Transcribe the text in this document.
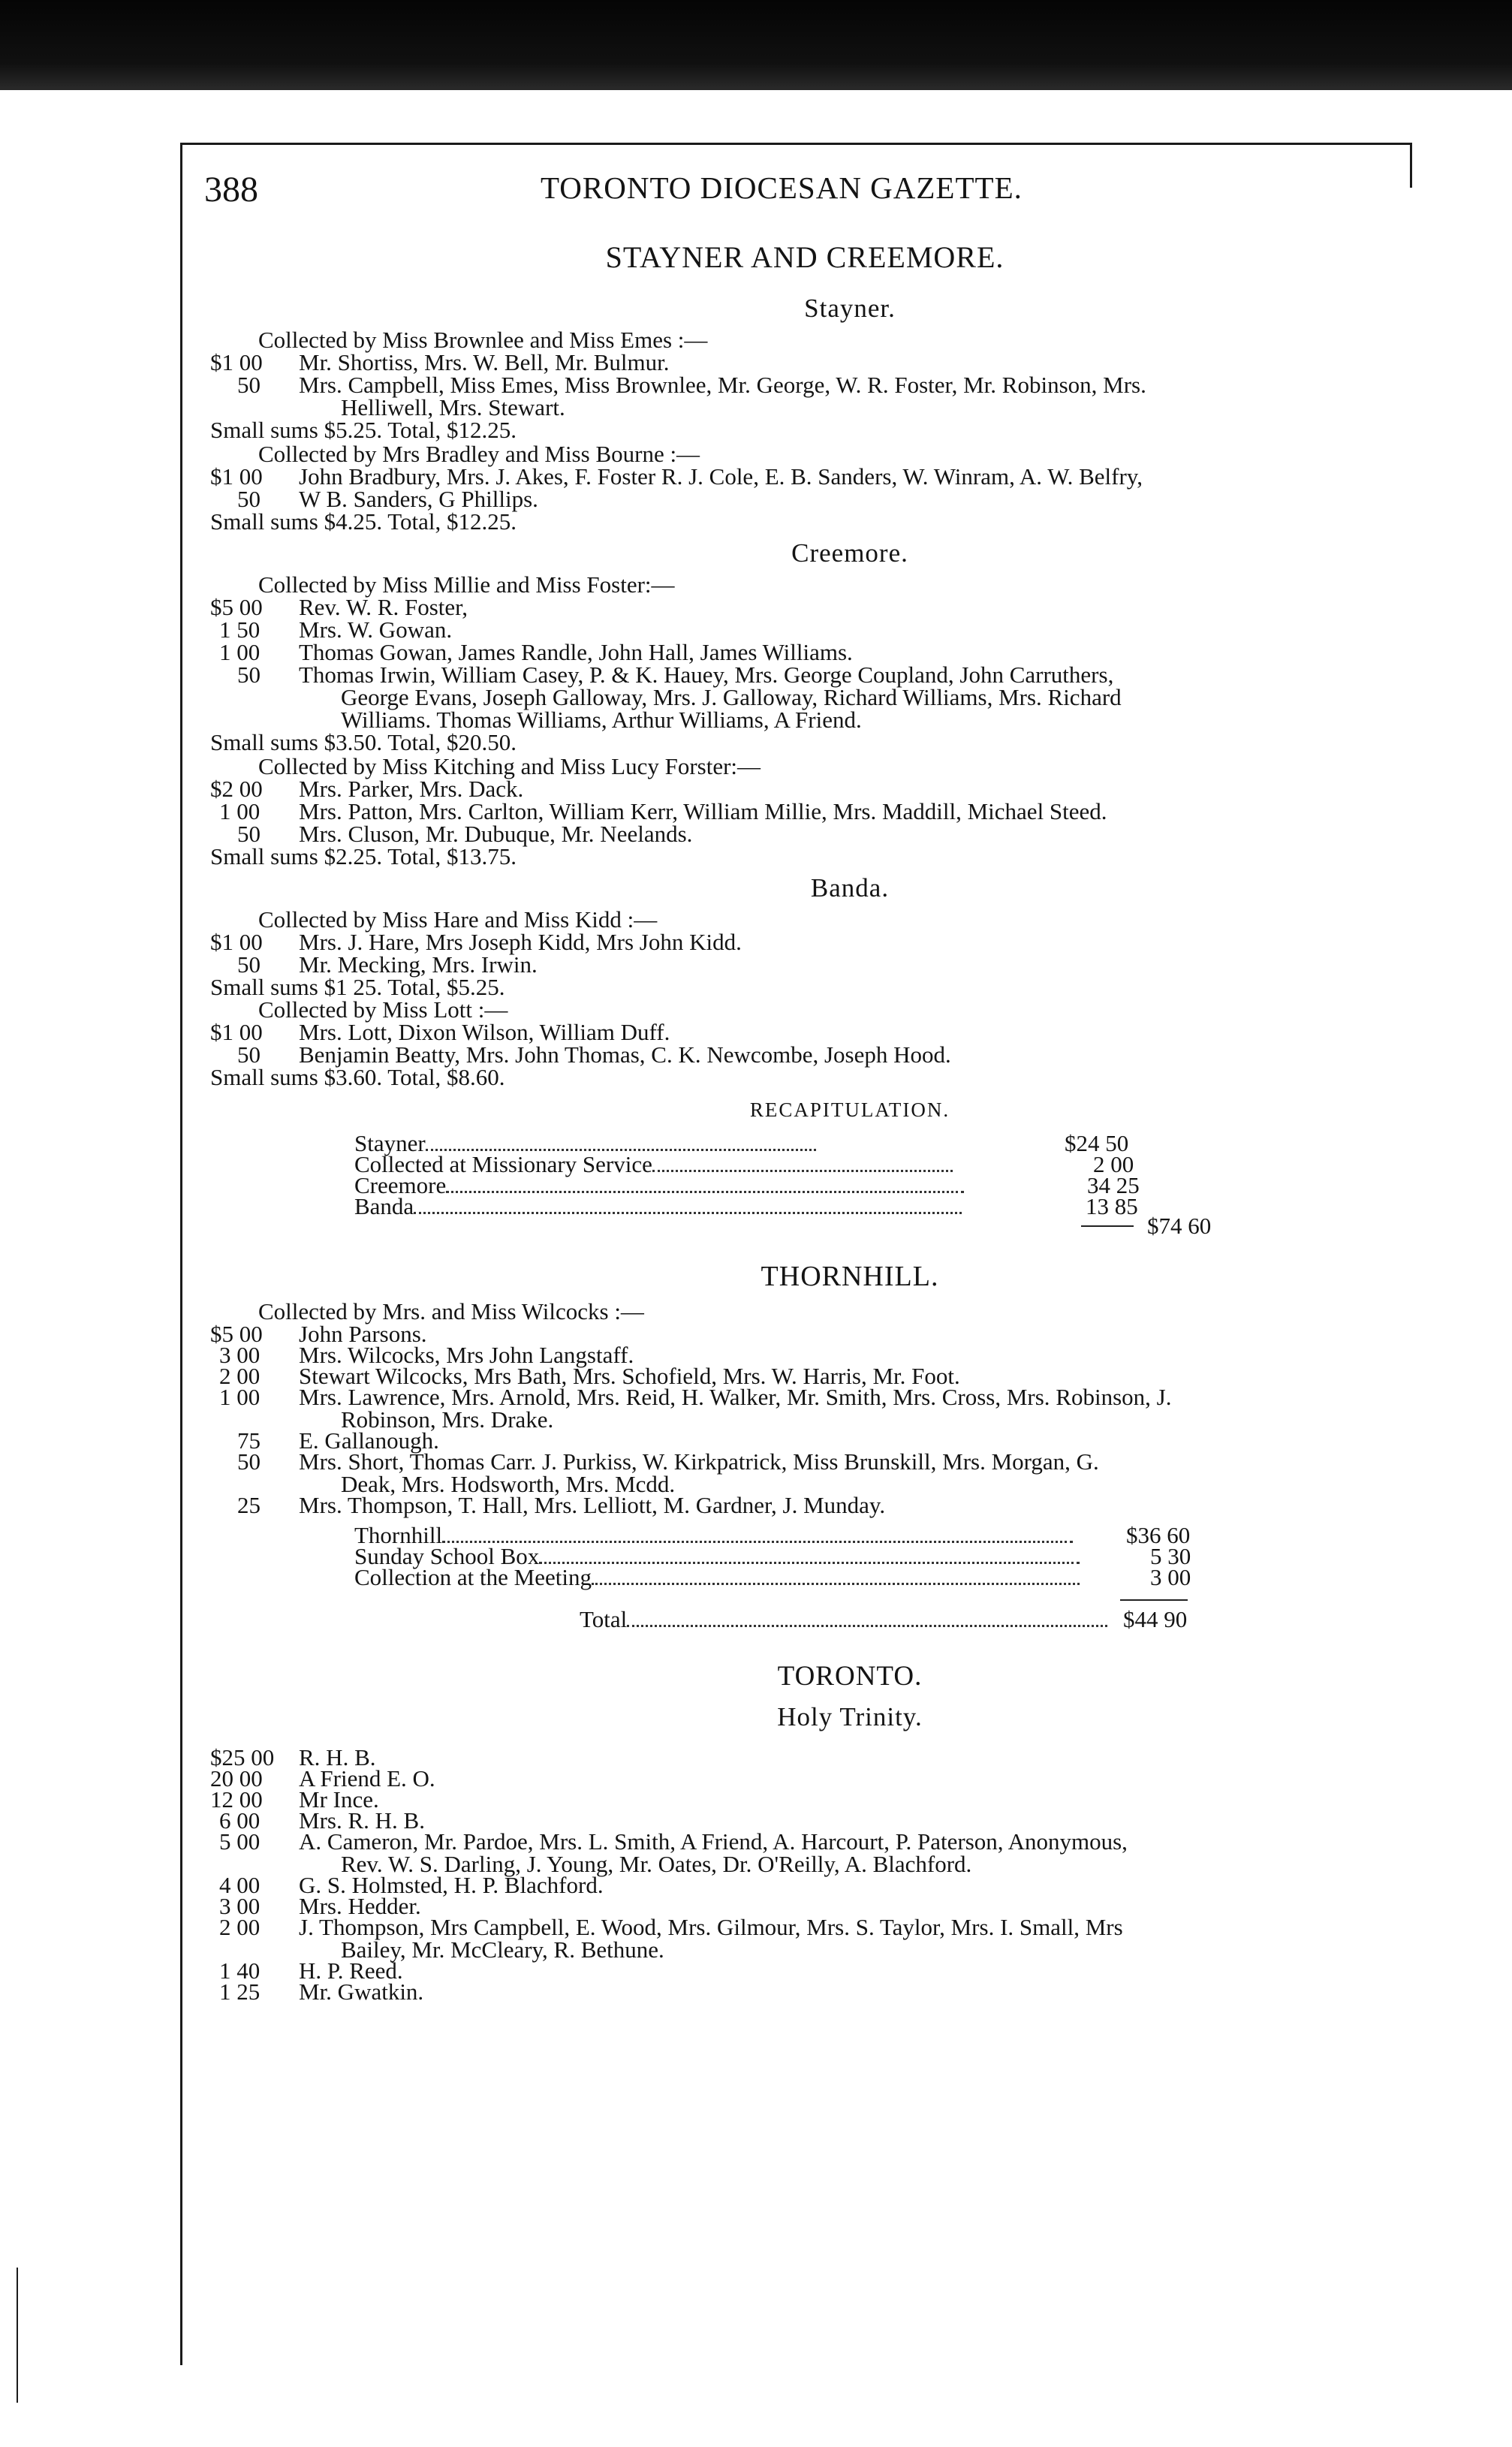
388	TORONTO DIOCESAN GAZETTE.
STAYNER AND CREEMORE.
Stayner.
Collected by Miss Brownlee and Miss Emes :—
$1 00 Mr. Shortiss, Mrs. W. Bell, Mr. Bulmur.
50 Mrs. Campbell, Miss Emes, Miss Brownlee, Mr. George, W. R. Foster, Mr. Robinson, Mrs.
Helliwell, Mrs. Stewart.
Small sums $5.25. Total, $12.25.
Collected by Mrs Bradley and Miss Bourne :—
$1 00 John Bradbury, Mrs. J. Akes, F. Foster R. J. Cole, E. B. Sanders, W. Winram, A. W. Belfry,
50 W B. Sanders, G Phillips.
Small sums $4.25. Total, $12.25.
Creemore.
Collected by Miss Millie and Miss Foster:—
$5 00 Rev. W. R. Foster,
1 50 Mrs. W. Gowan.
1 00 Thomas Gowan, James Randle, John Hall, James Williams.
50 Thomas Irwin, William Casey, P. & K. Hauey, Mrs. George Coupland, John Carruthers,
George Evans, Joseph Galloway, Mrs. J. Galloway, Richard Williams, Mrs. Richard
Williams. Thomas Williams, Arthur Williams, A Friend.
Small sums $3.50. Total, $20.50.
Collected by Miss Kitching and Miss Lucy Forster:—
$2 00 Mrs. Parker, Mrs. Dack.
1 00 Mrs. Patton, Mrs. Carlton, William Kerr, William Millie, Mrs. Maddill, Michael Steed.
50 Mrs. Cluson, Mr. Dubuque, Mr. Neelands.
Small sums $2.25. Total, $13.75.
Banda.
Collected by Miss Hare and Miss Kidd :—
$1 00 Mrs. J. Hare, Mrs Joseph Kidd, Mrs John Kidd.
50 Mr. Mecking, Mrs. Irwin.
Small sums $1 25. Total, $5.25.
Collected by Miss Lott :—
$1 00 Mrs. Lott, Dixon Wilson, William Duff.
50 Benjamin Beatty, Mrs. John Thomas, C. K. Newcombe, Joseph Hood.
Small sums $3.60. Total, $8.60.
RECAPITULATION.
Stayner	$24 50
Collected at Missionary Service	2 00
Creemore	34 25
Banda	13 85
$74 60
THORNHILL.
Collected by Mrs. and Miss Wilcocks :—
$5 00 John Parsons.
3 00 Mrs. Wilcocks, Mrs John Langstaff.
2 00 Stewart Wilcocks, Mrs Bath, Mrs. Schofield, Mrs. W. Harris, Mr. Foot.
1 00 Mrs. Lawrence, Mrs. Arnold, Mrs. Reid, H. Walker, Mr. Smith, Mrs. Cross, Mrs. Robinson, J.
Robinson, Mrs. Drake.
75 E. Gallanough.
50 Mrs. Short, Thomas Carr. J. Purkiss, W. Kirkpatrick, Miss Brunskill, Mrs. Morgan, G.
Deak, Mrs. Hodsworth, Mrs. Mcdd.
25 Mrs. Thompson, T. Hall, Mrs. Lelliott, M. Gardner, J. Munday.
Thornhill	$36 60
Sunday School Box	5 30
Collection at the Meeting	3 00
Total	$44 90
TORONTO.
Holy Trinity.
$25 00 R. H. B.
20 00 A Friend E. O.
12 00 Mr Ince.
6 00 Mrs. R. H. B.
5 00 A. Cameron, Mr. Pardoe, Mrs. L. Smith, A Friend, A. Harcourt, P. Paterson, Anonymous,
Rev. W. S. Darling, J. Young, Mr. Oates, Dr. O'Reilly, A. Blachford.
4 00 G. S. Holmsted, H. P. Blachford.
3 00 Mrs. Hedder.
2 00 J. Thompson, Mrs Campbell, E. Wood, Mrs. Gilmour, Mrs. S. Taylor, Mrs. I. Small, Mrs
Bailey, Mr. McCleary, R. Bethune.
1 40 H. P. Reed.
1 25 Mr. Gwatkin.
